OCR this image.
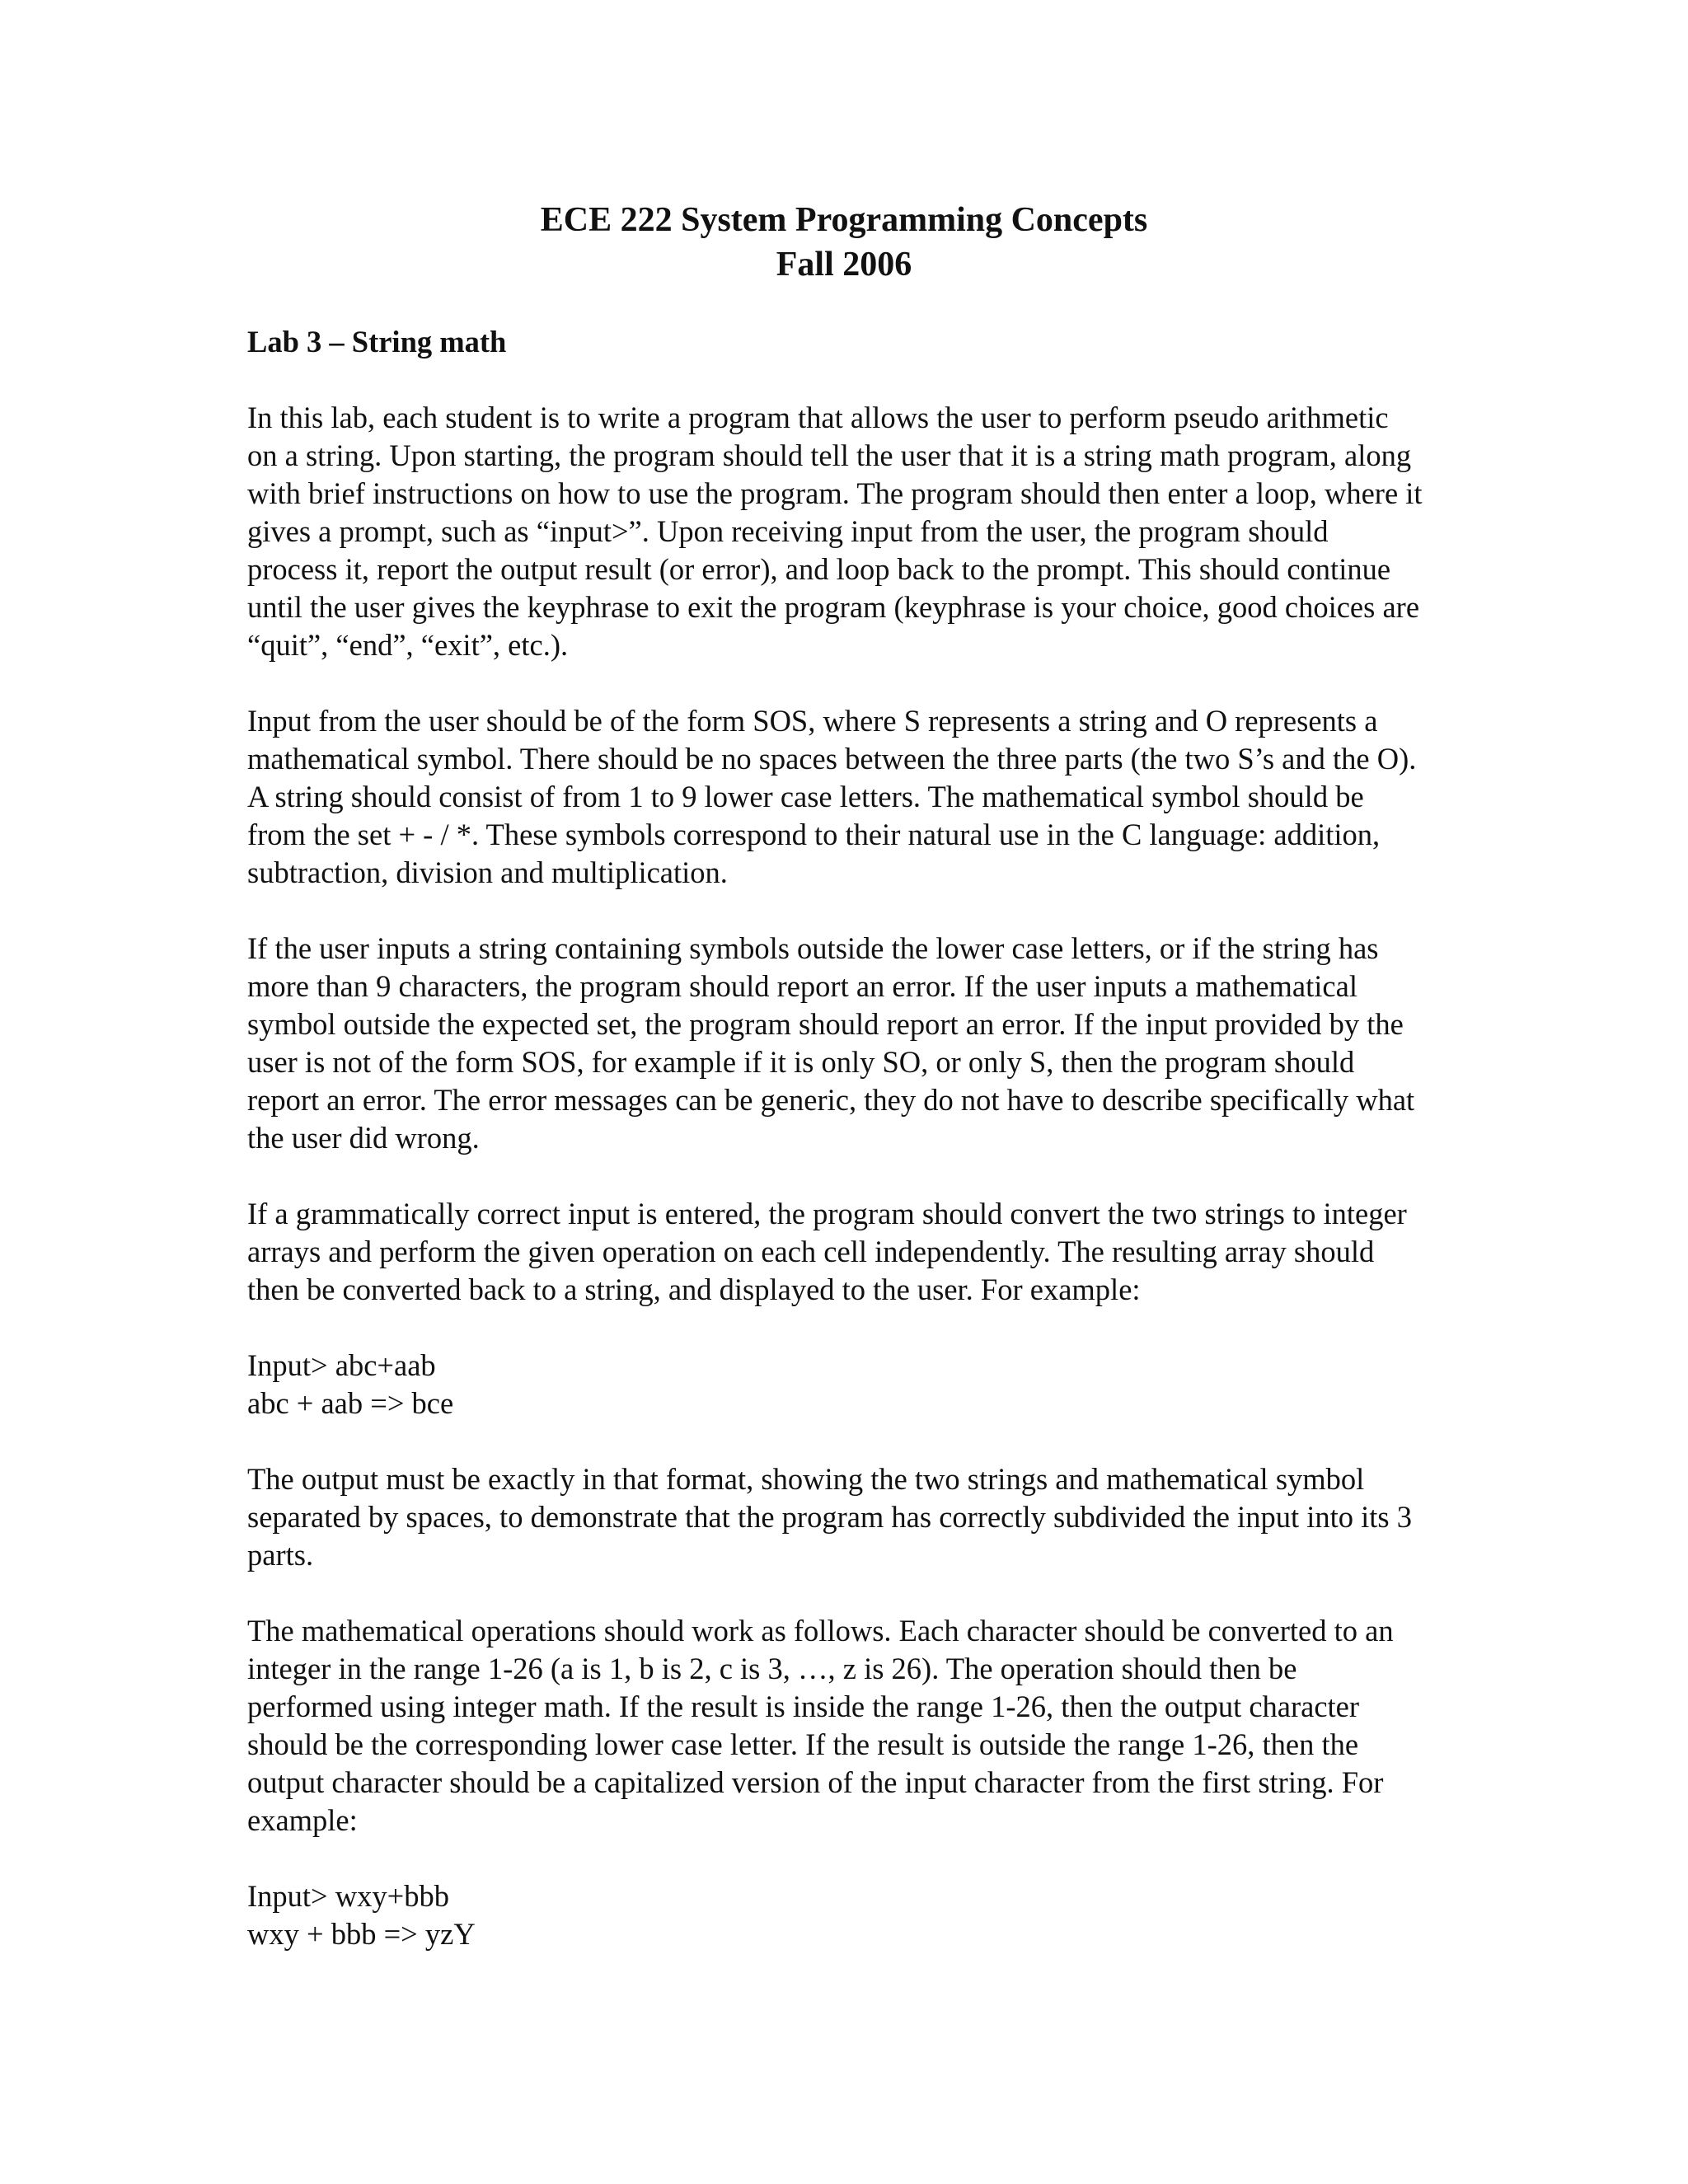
ECE 222 System Programming Concepts
Fall 2006
Lab 3 – String math
In this lab, each student is to write a program that allows the user to perform pseudo arithmetic on a string. Upon starting, the program should tell the user that it is a string math program, along with brief instructions on how to use the program. The program should then enter a loop, where it gives a prompt, such as “input>”. Upon receiving input from the user, the program should process it, report the output result (or error), and loop back to the prompt. This should continue until the user gives the keyphrase to exit the program (keyphrase is your choice, good choices are “quit”, “end”, “exit”, etc.).
Input from the user should be of the form SOS, where S represents a string and O represents a mathematical symbol. There should be no spaces between the three parts (the two S’s and the O). A string should consist of from 1 to 9 lower case letters. The mathematical symbol should be from the set + - / *. These symbols correspond to their natural use in the C language: addition, subtraction, division and multiplication.
If the user inputs a string containing symbols outside the lower case letters, or if the string has more than 9 characters, the program should report an error. If the user inputs a mathematical symbol outside the expected set, the program should report an error. If the input provided by the user is not of the form SOS, for example if it is only SO, or only S, then the program should report an error. The error messages can be generic, they do not have to describe specifically what the user did wrong.
If a grammatically correct input is entered, the program should convert the two strings to integer arrays and perform the given operation on each cell independently. The resulting array should then be converted back to a string, and displayed to the user. For example:
Input> abc+aab
abc + aab => bce
The output must be exactly in that format, showing the two strings and mathematical symbol separated by spaces, to demonstrate that the program has correctly subdivided the input into its 3 parts.
The mathematical operations should work as follows. Each character should be converted to an integer in the range 1-26 (a is 1, b is 2, c is 3, …, z is 26). The operation should then be performed using integer math. If the result is inside the range 1-26, then the output character should be the corresponding lower case letter. If the result is outside the range 1-26, then the output character should be a capitalized version of the input character from the first string. For example:
Input> wxy+bbb
wxy + bbb => yzY
